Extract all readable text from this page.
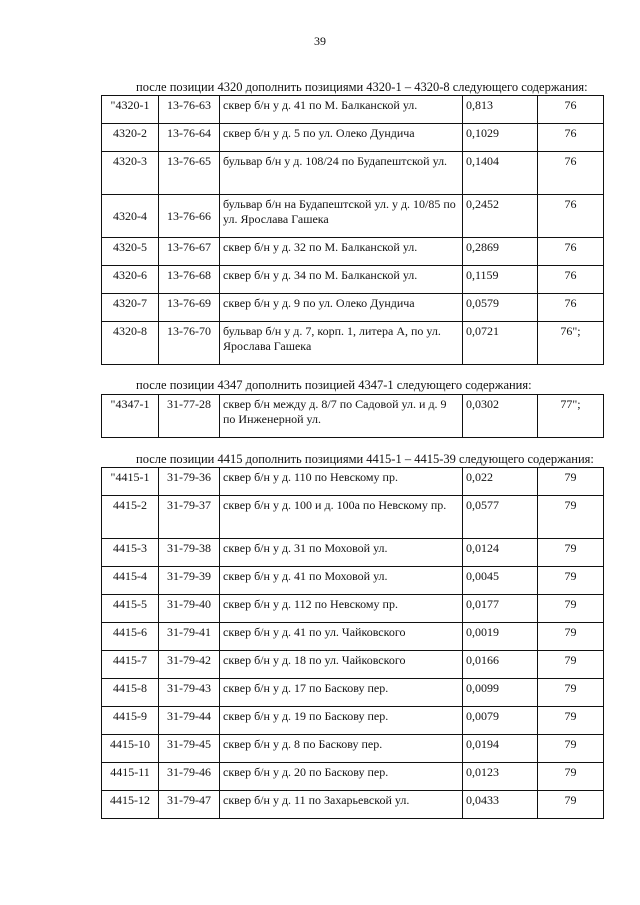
39
после позиции 4320 дополнить позициями 4320-1 – 4320-8 следующего содержания:
"4320-1	13-76-63	сквер б/н у д. 41 по М. Балканской ул.	0,813	76
4320-2	13-76-64	сквер б/н у д. 5 по ул. Олеко Дундича	0,1029	76
4320-3	13-76-65	бульвар б/н у д. 108/24 по Будапештской ул.	0,1404	76
4320-4	13-76-66	бульвар б/н на Будапештской ул. у д. 10/85 по ул. Ярослава Гашека	0,2452	76
4320-5	13-76-67	сквер б/н у д. 32 по М. Балканской ул.	0,2869	76
4320-6	13-76-68	сквер б/н у д. 34 по М. Балканской ул.	0,1159	76
4320-7	13-76-69	сквер б/н у д. 9 по ул. Олеко Дундича	0,0579	76
4320-8	13-76-70	бульвар б/н у д. 7, корп. 1, литера А, по ул. Ярослава Гашека	0,0721	76";
после позиции 4347 дополнить позицией 4347-1 следующего содержания:
"4347-1	31-77-28	сквер б/н между д. 8/7 по Садовой ул. и д. 9 по Инженерной ул.	0,0302	77";
после позиции 4415 дополнить позициями 4415-1 – 4415-39 следующего содержания:
"4415-1	31-79-36	сквер б/н у д. 110 по Невскому пр.	0,022	79
4415-2	31-79-37	сквер б/н у д. 100 и д. 100а по Невскому пр.	0,0577	79
4415-3	31-79-38	сквер б/н у д. 31 по Моховой ул.	0,0124	79
4415-4	31-79-39	сквер б/н у д. 41 по Моховой ул.	0,0045	79
4415-5	31-79-40	сквер б/н у д. 112 по Невскому пр.	0,0177	79
4415-6	31-79-41	сквер б/н у д. 41 по ул. Чайковского	0,0019	79
4415-7	31-79-42	сквер б/н у д. 18 по ул. Чайковского	0,0166	79
4415-8	31-79-43	сквер б/н у д. 17 по Баскову пер.	0,0099	79
4415-9	31-79-44	сквер б/н у д. 19 по Баскову пер.	0,0079	79
4415-10	31-79-45	сквер б/н у д. 8 по Баскову пер.	0,0194	79
4415-11	31-79-46	сквер б/н у д. 20 по Баскову пер.	0,0123	79
4415-12	31-79-47	сквер б/н у д. 11 по Захарьевской ул.	0,0433	79
